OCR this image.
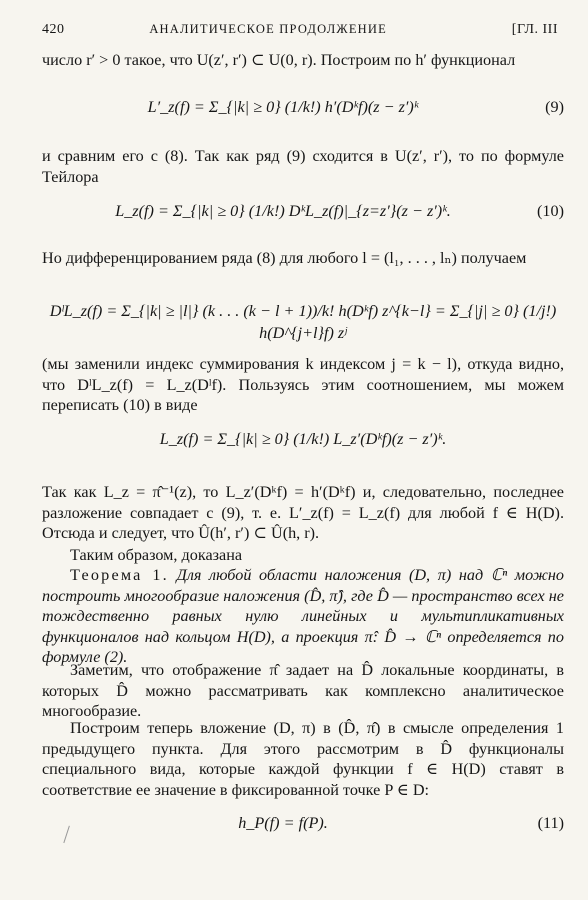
420	АНАЛИТИЧЕСКОЕ ПРОДОЛЖЕНИЕ	[ГЛ. III
число r′ > 0 такое, что U(z′, r′) ⊂ U(0, r). Построим по h′ функционал
L′_z(f) = Σ_{|k| ≥ 0} (1/k!) h′(Dᵏf)(z − z′)ᵏ	(9)
и сравним его с (8). Так как ряд (9) сходится в U(z′, r′), то по формуле Тейлора
L_z(f) = Σ_{|k| ≥ 0} (1/k!) DᵏL_z(f)|_{z=z′}(z − z′)ᵏ.	(10)
Но дифференцированием ряда (8) для любого l = (l₁, . . . , lₙ) получаем
DˡL_z(f) = Σ_{|k| ≥ |l|} (k . . . (k − l + 1))/k! h(Dᵏf) z^{k−l} = Σ_{|j| ≥ 0} (1/j!) h(D^{j+l}f) zʲ
(мы заменили индекс суммирования k индексом j = k − l), откуда видно, что DˡL_z(f) = L_z(Dˡf). Пользуясь этим соотношением, мы можем переписать (10) в виде
L_z(f) = Σ_{|k| ≥ 0} (1/k!) L_z′(Dᵏf)(z − z′)ᵏ.
Так как L_z = π̂⁻¹(z), то L_z′(Dᵏf) = h′(Dᵏf) и, следовательно, последнее разложение совпадает с (9), т. е. L′_z(f) = L_z(f) для любой f ∈ H(D). Отсюда и следует, что Û(h′, r′) ⊂ Û(h, r).
Таким образом, доказана
Теорема 1. Для любой области наложения (D, π) над ℂⁿ можно построить многообразие наложения (D̂, π̂), где D̂ — пространство всех не тождественно равных нулю линейных и мультипликативных функционалов над кольцом H(D), а проекция π̂: D̂ → ℂⁿ определяется по формуле (2).
Заметим, что отображение π̂ задает на D̂ локальные координаты, в которых D̂ можно рассматривать как комплексно аналитическое многообразие.
Построим теперь вложение (D, π) в (D̂, π̂) в смысле определения 1 предыдущего пункта. Для этого рассмотрим в D̂ функционалы специального вида, которые каждой функции f ∈ H(D) ставят в соответствие ее значение в фиксированной точке P ∈ D:
h_P(f) = f(P).	(11)
